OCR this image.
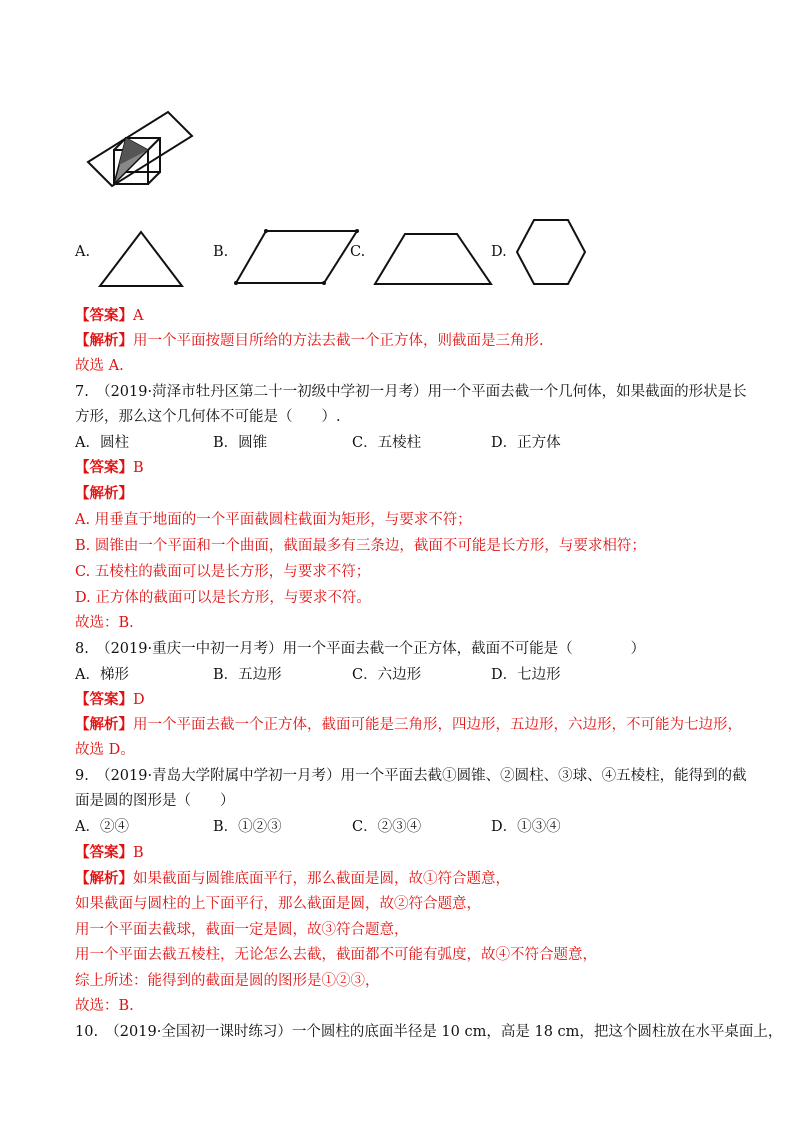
A.	B.	C.	D.
【答案】A
【解析】用一个平面按题目所给的方法去截一个正方体，则截面是三角形.
故选 A.
7.　（2019·菏泽市牡丹区第二十一初级中学初一月考）用一个平面去截一个几何体，如果截面的形状是长
方形，那么这个几何体不可能是（　　）.
A．圆柱	B．圆锥	C．五棱柱	D．正方体
【答案】B
【解析】
A. 用垂直于地面的一个平面截圆柱截面为矩形，与要求不符；
B. 圆锥由一个平面和一个曲面，截面最多有三条边，截面不可能是长方形，与要求相符；
C. 五棱柱的截面可以是长方形，与要求不符；
D. 正方体的截面可以是长方形，与要求不符。
故选：B.
8.　（2019·重庆一中初一月考）用一个平面去截一个正方体，截面不可能是（　　　　）
A．梯形	B．五边形	C．六边形	D．七边形
【答案】D
【解析】用一个平面去截一个正方体，截面可能是三角形，四边形，五边形，六边形，不可能为七边形，
故选 D。
9.　（2019·青岛大学附属中学初一月考）用一个平面去截①圆锥、②圆柱、③球、④五棱柱，能得到的截
面是圆的图形是（　　）
A．②④	B．①②③	C．②③④	D．①③④
【答案】B
【解析】如果截面与圆锥底面平行，那么截面是圆，故①符合题意，
如果截面与圆柱的上下面平行，那么截面是圆，故②符合题意，
用一个平面去截球，截面一定是圆，故③符合题意，
用一个平面去截五棱柱，无论怎么去截，截面都不可能有弧度，故④不符合题意，
综上所述：能得到的截面是圆的图形是①②③，
故选：B.
10.　（2019·全国初一课时练习）一个圆柱的底面半径是 10 cm，高是 18 cm，把这个圆柱放在水平桌面上，
